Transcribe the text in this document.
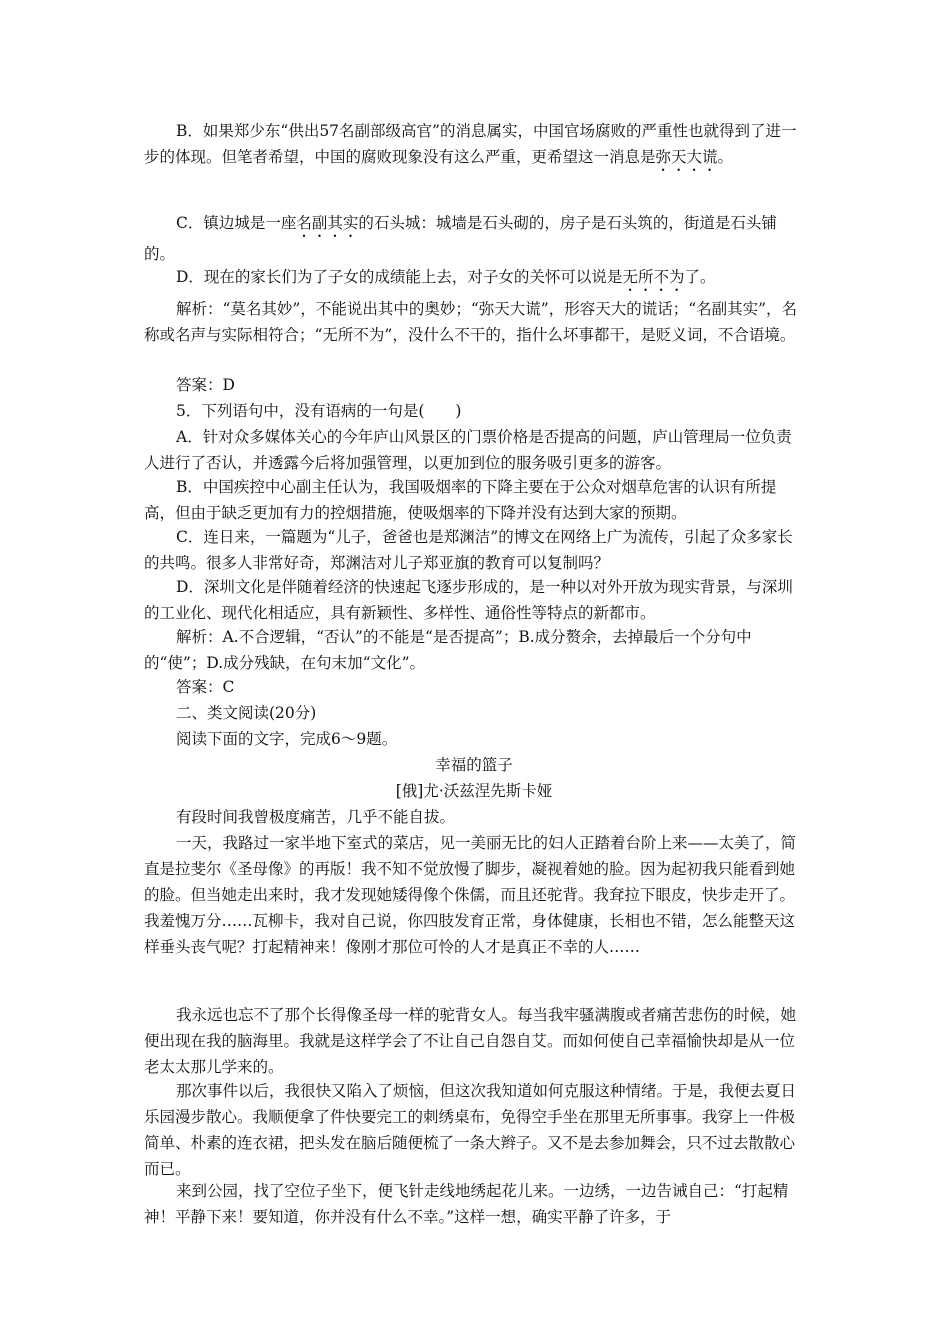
B．如果郑少东“供出57名副部级高官”的消息属实，中国官场腐败的严重性也就得到了进一步的体现。但笔者希望，中国的腐败现象没有这么严重，更希望这一消息是弥天大谎。

C．镇边城是一座名副其实的石头城：城墙是石头砌的，房子是石头筑的，街道是石头铺的。

D．现在的家长们为了子女的成绩能上去，对子女的关怀可以说是无所不为了。

解析：“莫名其妙”，不能说出其中的奥妙；“弥天大谎”，形容天大的谎话；“名副其实”，名称或名声与实际相符合；“无所不为”，没什么不干的，指什么坏事都干，是贬义词，不合语境。

答案：D

5．下列语句中，没有语病的一句是(　　)

A．针对众多媒体关心的今年庐山风景区的门票价格是否提高的问题，庐山管理局一位负责人进行了否认，并透露今后将加强管理，以更加到位的服务吸引更多的游客。

B．中国疾控中心副主任认为，我国吸烟率的下降主要在于公众对烟草危害的认识有所提高，但由于缺乏更加有力的控烟措施，使吸烟率的下降并没有达到大家的预期。

C．连日来，一篇题为“儿子，爸爸也是郑渊洁”的博文在网络上广为流传，引起了众多家长的共鸣。很多人非常好奇，郑渊洁对儿子郑亚旗的教育可以复制吗？

D．深圳文化是伴随着经济的快速起飞逐步形成的，是一种以对外开放为现实背景，与深圳的工业化、现代化相适应，具有新颖性、多样性、通俗性等特点的新都市。

解析：A.不合逻辑，“否认”的不能是“是否提高”；B.成分赘余，去掉最后一个分句中的“使”；D.成分残缺，在句末加“文化”。

答案：C

二、类文阅读(20分)

阅读下面的文字，完成6～9题。

幸福的篮子

[俄]尤·沃兹涅先斯卡娅

有段时间我曾极度痛苦，几乎不能自拔。

一天，我路过一家半地下室式的菜店，见一美丽无比的妇人正踏着台阶上来——太美了，简直是拉斐尔《圣母像》的再版！我不知不觉放慢了脚步，凝视着她的脸。因为起初我只能看到她的脸。但当她走出来时，我才发现她矮得像个侏儒，而且还驼背。我耷拉下眼皮，快步走开了。我羞愧万分……瓦柳卡，我对自己说，你四肢发育正常，身体健康，长相也不错，怎么能整天这样垂头丧气呢？打起精神来！像刚才那位可怜的人才是真正不幸的人……

我永远也忘不了那个长得像圣母一样的驼背女人。每当我牢骚满腹或者痛苦悲伤的时候，她便出现在我的脑海里。我就是这样学会了不让自己自怨自艾。而如何使自己幸福愉快却是从一位老太太那儿学来的。

那次事件以后，我很快又陷入了烦恼，但这次我知道如何克服这种情绪。于是，我便去夏日乐园漫步散心。我顺便拿了件快要完工的刺绣桌布，免得空手坐在那里无所事事。我穿上一件极简单、朴素的连衣裙，把头发在脑后随便梳了一条大辫子。又不是去参加舞会，只不过去散散心而已。

来到公园，找了空位子坐下，便飞针走线地绣起花儿来。一边绣，一边告诫自己：“打起精神！平静下来！要知道，你并没有什么不幸。”这样一想，确实平静了许多，于
